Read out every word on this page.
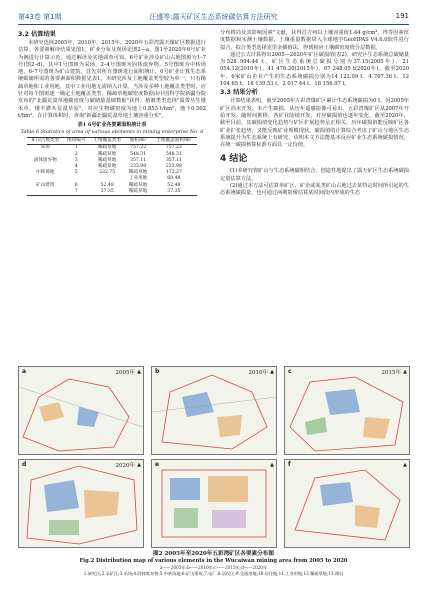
第43卷 第1期	汪盛等:露天矿区生态系统碳估算方法研究	191
3.2 估算结果

本研究选择2005年、2010年、2015年、2020年五彩湾露天煤矿区数据进行估算，各要素解译结果见图1。矿业分布及现场见图2—a，图1至2020年6号矿业为例进行计算示范。通过解译及实地调查可知，6号矿业涉及矿山占地图斑为1–7号(图2–d)，其中1号图斑为采场，2–4号图斑为固体废弃物，5号图斑为中转场地，6–7号图斑为矿山建筑。首先对所有图斑进行面积统计，6号矿业计算生态系统碳储所需的各要素面积数据见表1。本研究涉及土地覆盖类型较为单一，只有稀疏草地和工业用地，其中工业用地无需纳入计算。当涉及多种土地覆盖类型时，应针对每个图斑逐一确定土地覆盖类型。稀疏草地碳密度数据由中国科学院新疆分院发布的"北疆荒漠草地碳密度与碳储量基础数据"获得，植被类型选择"温带丛生矮禾草、矮半灌木荒漠草原"，对应生物碳密度为地上0.853 t/hm²，地下0.502 t/hm²。在计算体积时，查询"新疆北疆荒漠草地土壤容重分布"。

表1 6号矿业各要素面积统计表
Table 6 Statistics of area of various elements in mining enterprise No. 6
矿山占地类型	图斑编号	土地覆盖类型	面积/m²	土地覆盖面积/m²
采场	1	稀疏草地	757.22	757.22
	2	稀疏草地	548.31	548.31
固体废弃物	3	稀疏草地	357.11	357.11
	4	稀疏草地	233.98	233.98
中转场地	5	232.75	稀疏草地	172.27
			工业用地	60.48
矿山建筑	6	52.48	稀疏草地	52.48
	7	37.35	稀疏草地	37.35

分布格局及其影响因素"文献，获得昌吉州以土壤容重值1.44 g/cm³，得等因素厚度数据和实测土壤数据，土壤重量数据带入全球地学GeoHPAS V4.6.0软件进行拟合，拟合类型选择克里金插值法，得到相应土壤碳密度值分层数据。

通过公式计算得出2005—2020年矿区碳损值(表2)，研究区生态系统总碳储量为528 994.44 t，矿区生态系统总碳损分别为37.15(2005年)、21 054.12(2010年)、41 476.20(2015年)、67 248.05 t(2020年)。截至2020年，6家矿山企业产生的生态系统碳损分别为14 122.09 t、4 707.36 t、12 104.65 t、16 139.53 t、2 017.44 t、18 156.97 t。

3.3 结果分析

计算结果表明，截至2005年五彩湾煤矿区累计生态系统碳损为0 t，因2005年矿区尚未开发，未产生碳损。从历年遥感影像可看出，五彩湾煤矿区从2007年开始开发。随时间推移，各矿业陆续开发，对应碳损值也逐年变化。截至2020年，截至目前，其碳损值变化趋势与矿区扩展趋势呈正相关。历年碳损值能反映矿区各矿业扩张趋势，又能反映矿业规模现状。碳损值的计算综合考虑了矿山与地区生态系统提升为生态系统上有研究，该明本文方法能基本反应矿业生态系统碳损情况，在统一碳损核算标准方面具一定价值。

4 结论

(1)本研究将矿山与生态系统碳相结合，创造性地提出了露天矿区生态系统碳损定量估算方法。

(2)通过本方法可估算单矿区、矿企或某类矿山占地过去某特定时间所引起的生态系统碳损量，也可通过两期影像估算某时间段内形成的生态

a	2005年 ▲ b	2010年 ▲ c	2015年 ▲
d	2020年 ▲ e	▲ f	▲
图2 2005年至2020年五彩湾矿区各要素分布图
Fig.2 Distribution map of various elements in the Wucaiwan mining area from 2005 to 2020
a——2005年;b——2010年;c——2015年;d——2020年
1.研究区;2.采矿区;3.采场;4.固体废弃物;5.中转场地;6.矿山建筑;7.电厂;8.居民区;9.交通用地;10.居住地;11.工业用地;12.稀疏草地;13.裸岩
